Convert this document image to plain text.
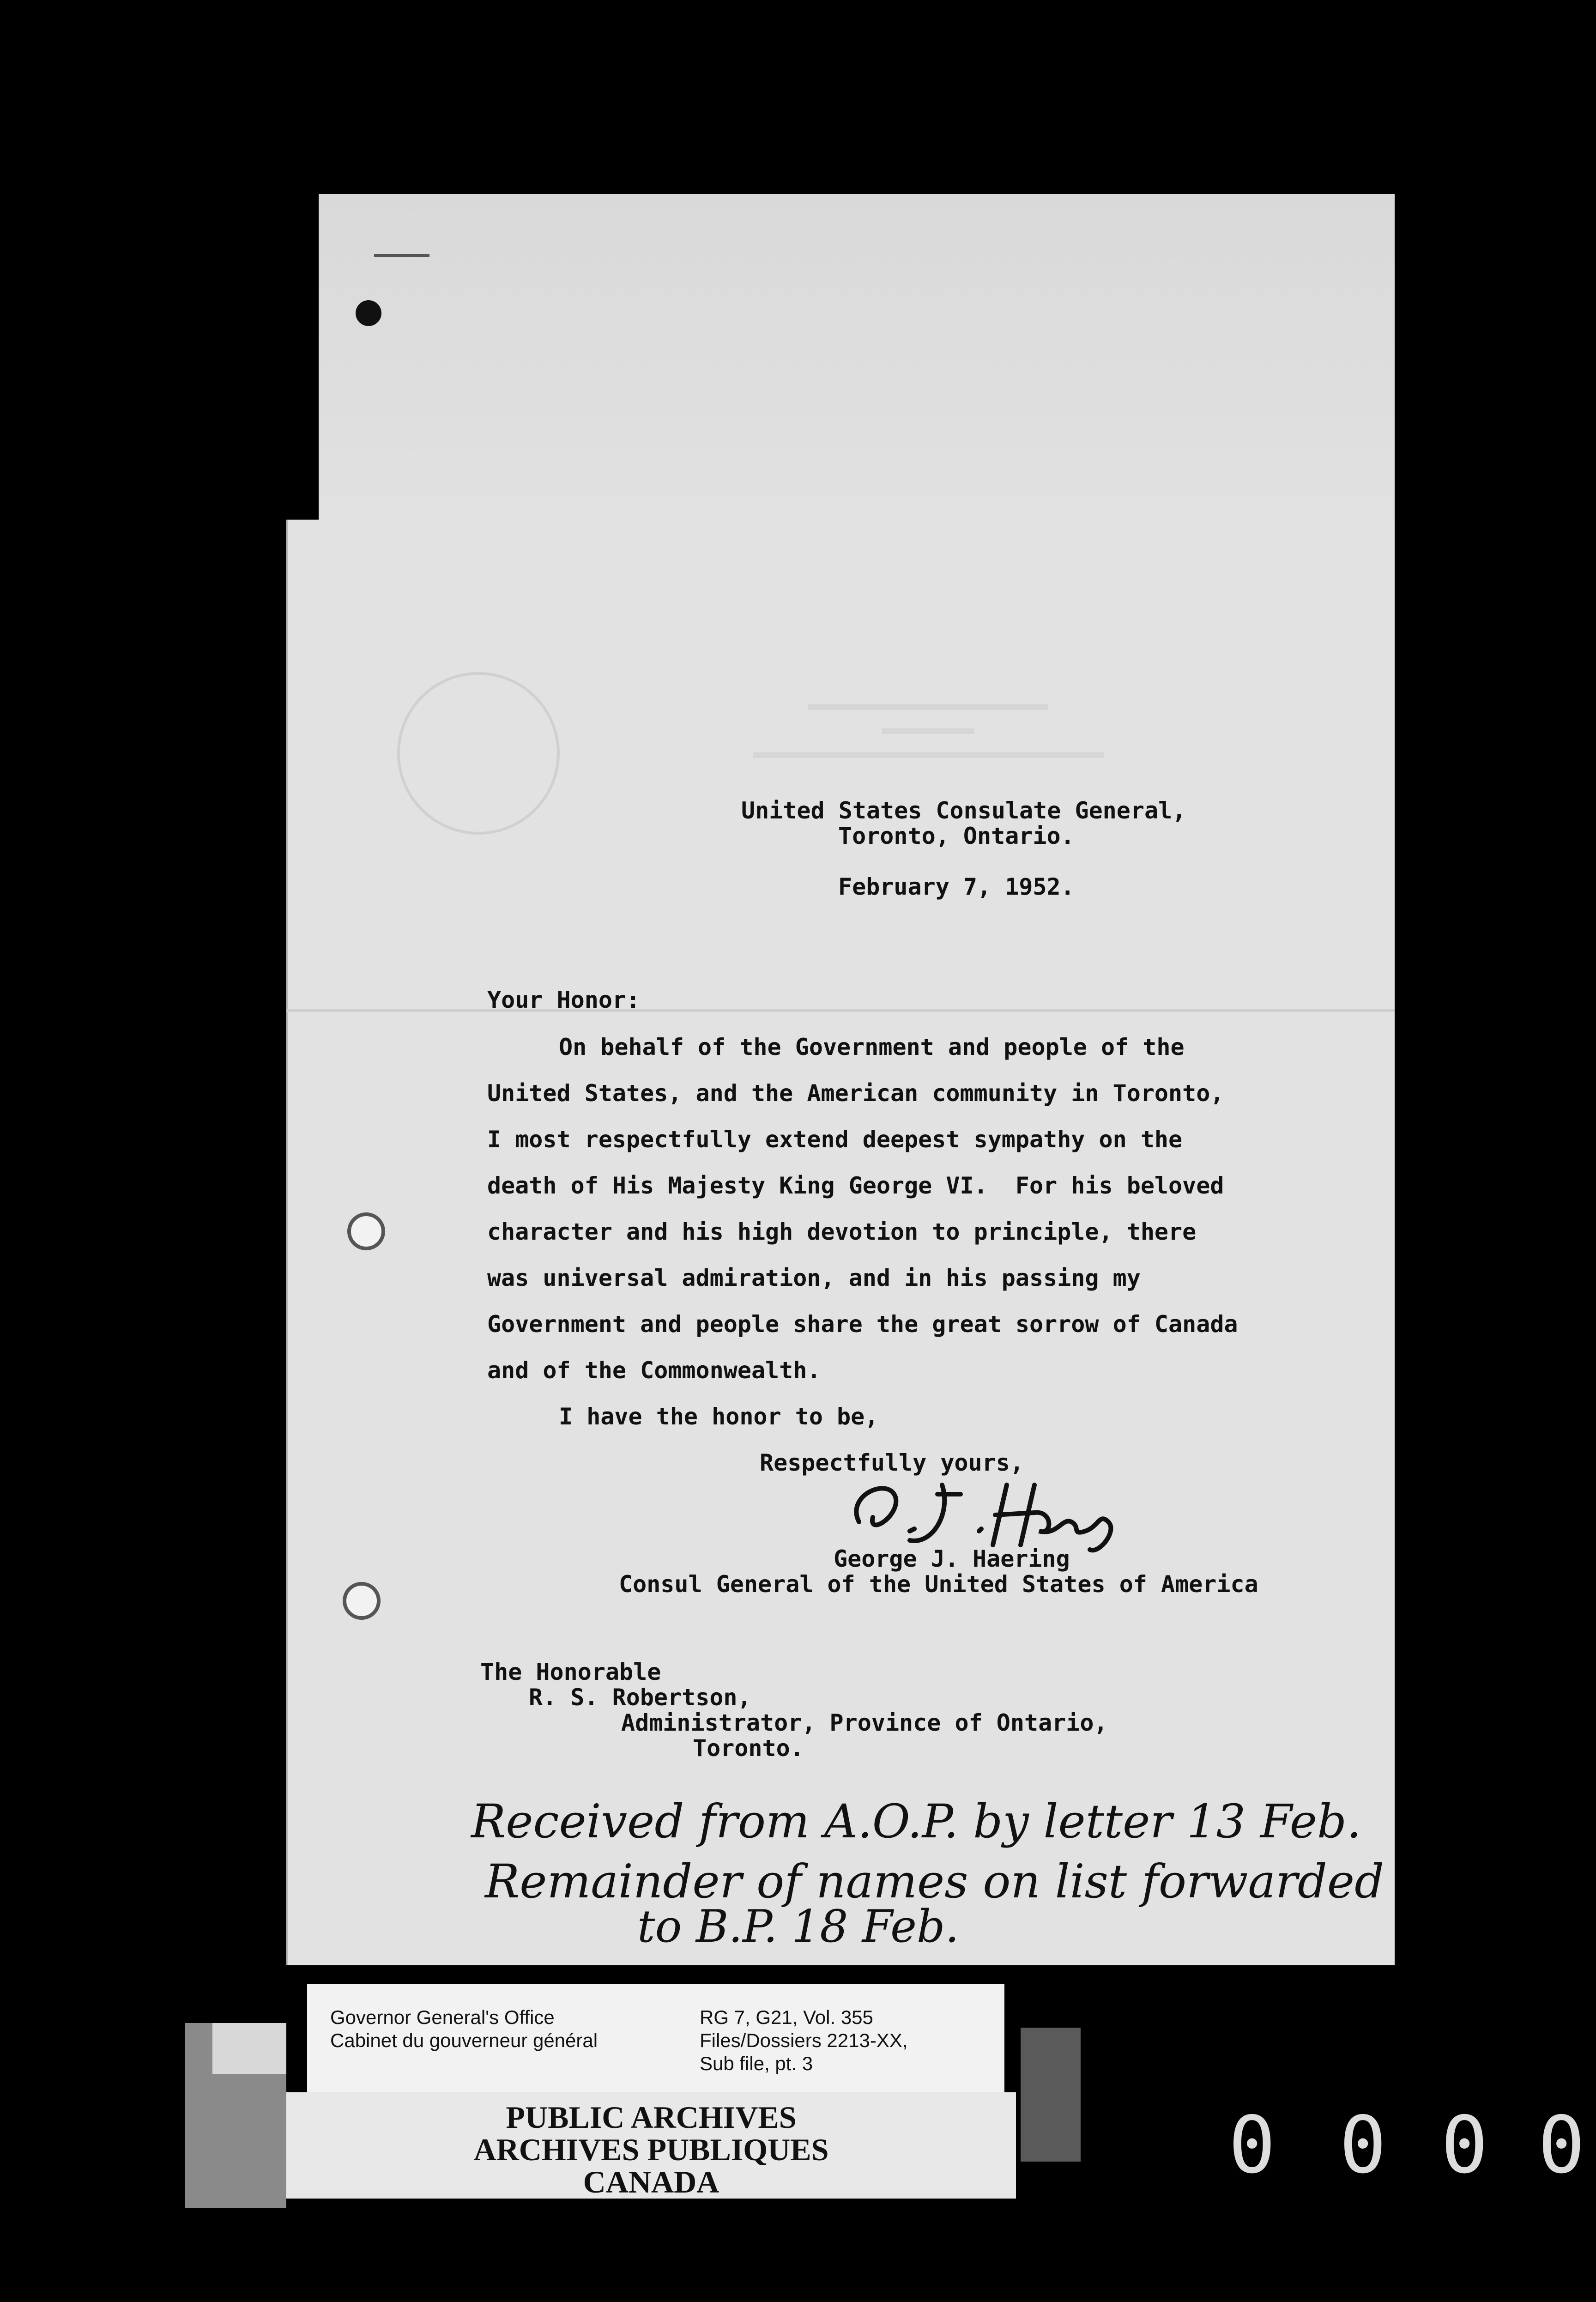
United States Consulate General,
Toronto, Ontario.
February 7, 1952.
Your Honor:
On behalf of the Government and people of the
United States, and the American community in Toronto,
I most respectfully extend deepest sympathy on the
death of His Majesty King George VI.  For his beloved
character and his high devotion to principle, there
was universal admiration, and in his passing my
Government and people share the great sorrow of Canada
and of the Commonwealth.
I have the honor to be,
Respectfully yours,
George J. Haering
Consul General of the United States of America
The Honorable
R. S. Robertson,
Administrator, Province of Ontario,
Toronto.
Received from A.O.P. by letter 13 Feb.
Remainder of names on list forwarded
to B.P. 18 Feb.
Governor General's Office
Cabinet du gouverneur général
RG 7, G21, Vol. 355
Files/Dossiers 2213-XX,
Sub file, pt. 3
PUBLIC ARCHIVES
ARCHIVES PUBLIQUES
CANADA	0 0 0 0
